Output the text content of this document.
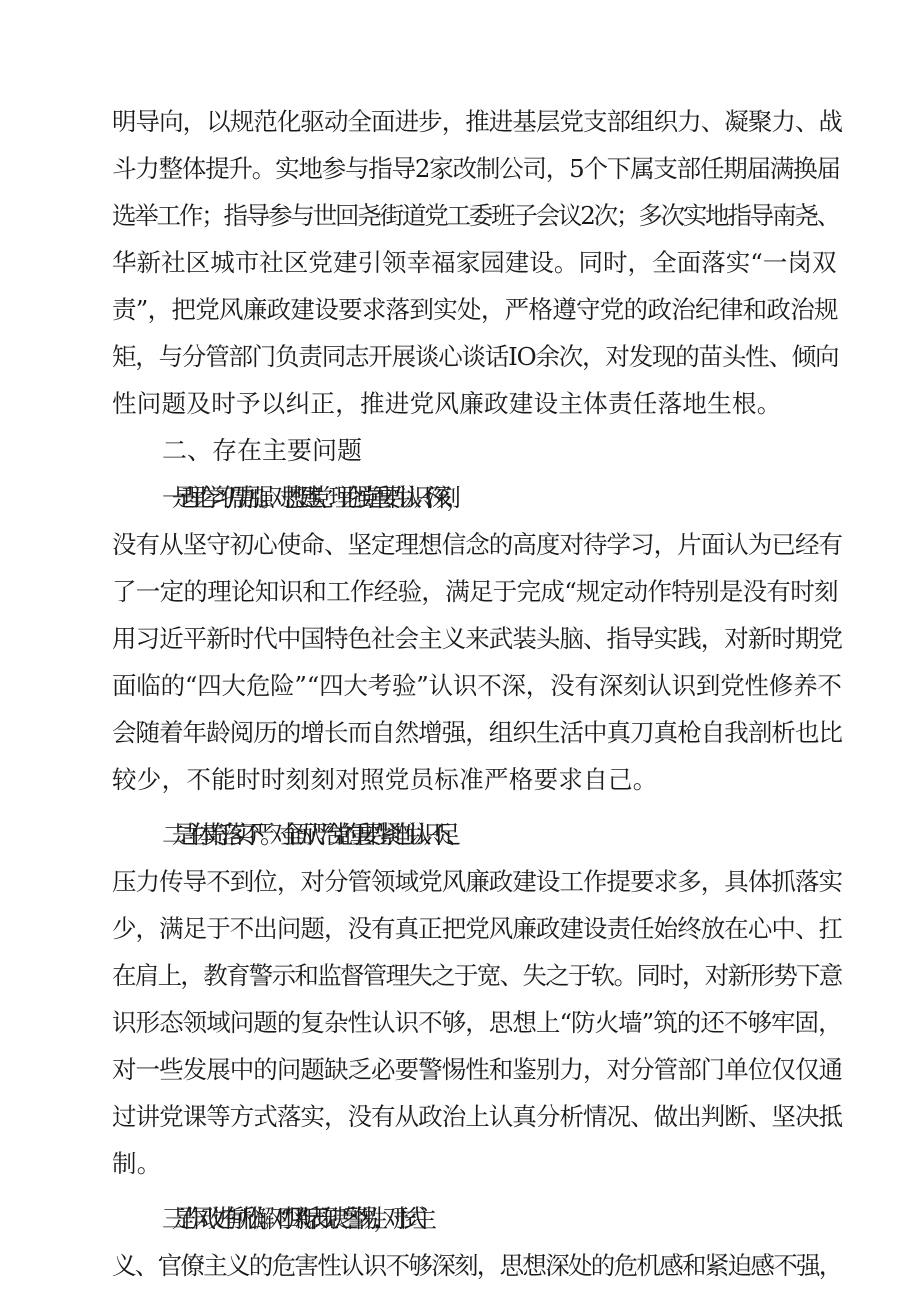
明导向，以规范化驱动全面进步，推进基层党支部组织力、凝聚力、战
斗力整体提升。实地参与指导2家改制公司，5个下属支部任期届满换届
选举工作；指导参与世回尧街道党工委班子会议2次；多次实地指导南尧、
华新社区城市社区党建引领幸福家园建设。同时，全面落实“一岗双
责”，把党风廉政建设要求落到实处，严格遵守党的政治纪律和政治规
矩，与分管部门负责同志开展谈心谈话IO余次，对发现的苗头性、倾向
性问题及时予以纠正，推进党风廉政建设主体责任落地生根。
二、存在主要问题
一是理论学习仍需加强。对思想建党、理论强党重要性认识不深刻，
没有从坚守初心使命、坚定理想信念的高度对待学习，片面认为已经有
了一定的理论知识和工作经验，满足于完成“规定动作特别是没有时刻
用习近平新时代中国特色社会主义来武装头脑、指导实践，对新时期党
面临的“四大危险”“四大考验”认识不深，没有深刻认识到党性修养不
会随着年龄阅历的增长而自然增强，组织生活中真刀真枪自我剖析也比
较少，不能时时刻刻对照党员标准严格要求自己。
二是主体责任落实不严。对全面从严治党的重要性紧迫性认识不足、
压力传导不到位，对分管领域党风廉政建设工作提要求多，具体抓落实
少，满足于不出问题，没有真正把党风廉政建设责任始终放在心中、扛
在肩上，教育警示和监督管理失之于宽、失之于软。同时，对新形势下意
识形态领域问题的复杂性认识不够，思想上“防火墙”筑的还不够牢固，
对一些发展中的问题缺乏必要警惕性和鉴别力，对分管部门单位仅仅通
过讲党课等方式落实，没有从政治上认真分析情况、做出判断、坚决抵
制。
三是作风改进有所松懈。对“四风”新表现缺乏警惕性，对形式主
义、官僚主义的危害性认识不够深刻，思想深处的危机感和紧迫感不强，
